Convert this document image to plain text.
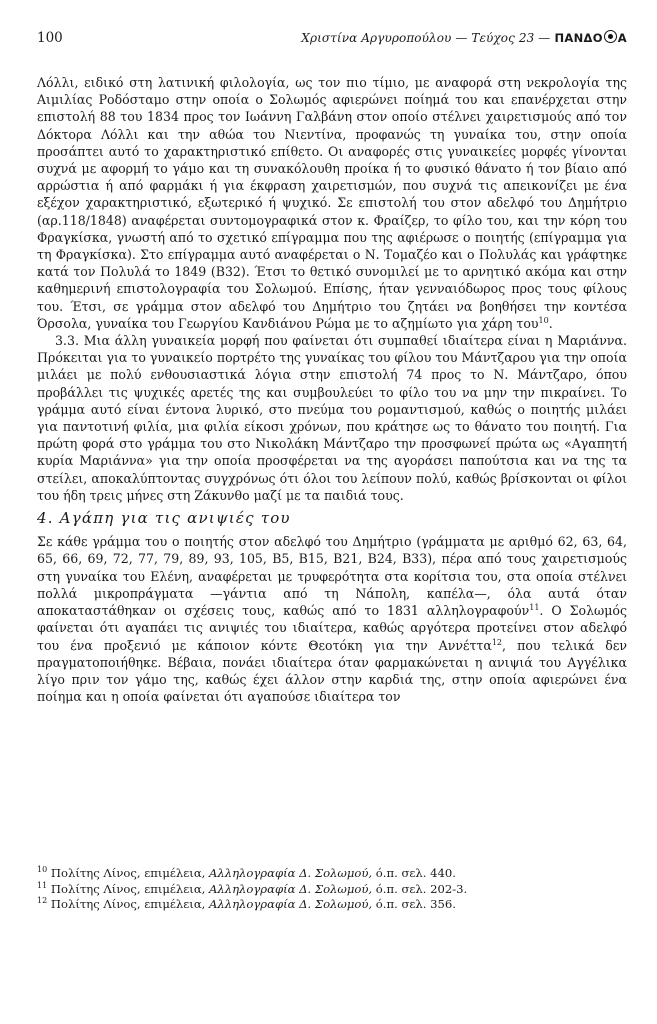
100	Χριστίνα Αργυροπούλου — Τεύχος 23 — ΠΑΝΔΟ Α

Λόλλι, ειδικό στη λατινική φιλολογία, ως τον πιο τίμιο, με αναφορά στη νεκρολογία της Αιμιλίας Ροδόσταμο στην οποία ο Σολωμός αφιερώνει ποίημά του και επανέρχεται στην επιστολή 88 του 1834 προς τον Ιωάννη Γαλβάνη στον οποίο στέλνει χαιρετισμούς από τον Δόκτορα Λόλλι και την αθώα του Νιεντίνα, προφανώς τη γυναίκα του, στην οποία προσάπτει αυτό το χαρακτηριστικό επίθετο. Οι αναφορές στις γυναικείες μορφές γίνονται συχνά με αφορμή το γάμο και τη συνακόλουθη προίκα ή το φυσικό θάνατο ή τον βίαιο από αρρώστια ή από φαρμάκι ή για έκφραση χαιρετισμών, που συχνά τις απεικονίζει με ένα εξέχον χαρακτηριστικό, εξωτερικό ή ψυχικό. Σε επιστολή του στον αδελφό του Δημήτριο (αρ.118/1848) αναφέρεται συντομογραφικά στον κ. Φραίζερ, το φίλο του, και την κόρη του Φραγκίσκα, γνωστή από το σχετικό επίγραμμα που της αφιέρωσε ο ποιητής (επίγραμμα για τη Φραγκίσκα). Στο επίγραμμα αυτό αναφέρεται ο Ν. Τομαζέο και ο Πολυλάς και γράφτηκε κατά τον Πολυλά το 1849 (Β32). Έτσι το θετικό συνομιλεί με το αρνητικό ακόμα και στην καθημερινή επιστολογραφία του Σολωμού. Επίσης, ήταν γενναιόδωρος προς τους φίλους του. Έτσι, σε γράμμα στον αδελφό του Δημήτριο του ζητάει να βοηθήσει την κοντέσα Όρσολα, γυναίκα του Γεωργίου Κανδιάνου Ρώμα με το αζημίωτο για χάρη του$^{10}$.

3.3. Μια άλλη γυναικεία μορφή που φαίνεται ότι συμπαθεί ιδιαίτερα είναι η Μαριάννα. Πρόκειται για το γυναικείο πορτρέτο της γυναίκας του φίλου του Μάντζαρου για την οποία μιλάει με πολύ ενθουσιαστικά λόγια στην επιστολή 74 προς το Ν. Μάντζαρο, όπου προβάλλει τις ψυχικές αρετές της και συμβουλεύει το φίλο του να μην την πικραίνει. Το γράμμα αυτό είναι έντονα λυρικό, στο πνεύμα του ρομαντισμού, καθώς ο ποιητής μιλάει για παντοτινή φιλία, μια φιλία είκοσι χρόνων, που κράτησε ως το θάνατο του ποιητή. Για πρώτη φορά στο γράμμα του στο Νικολάκη Μάντζαρο την προσφωνεί πρώτα ως «Αγαπητή κυρία Μαριάννα» για την οποία προσφέρεται να της αγοράσει παπούτσια και να της τα στείλει, αποκαλύπτοντας συγχρόνως ότι όλοι του λείπουν πολύ, καθώς βρίσκονται οι φίλοι του ήδη τρεις μήνες στη Ζάκυνθο μαζί με τα παιδιά τους.

4. Αγάπη για τις ανιψιές του

Σε κάθε γράμμα του ο ποιητής στον αδελφό του Δημήτριο (γράμματα με αριθμό 62, 63, 64, 65, 66, 69, 72, 77, 79, 89, 93, 105, Β5, Β15, Β21, Β24, Β33), πέρα από τους χαιρετισμούς στη γυναίκα του Ελένη, αναφέρεται με τρυφερότητα στα κορίτσια του, στα οποία στέλνει πολλά μικροπράγματα —γάντια από τη Νάπολη, καπέλα—, όλα αυτά όταν αποκαταστάθηκαν οι σχέσεις τους, καθώς από το 1831 αλληλογραφούν$^{11}$. Ο Σολωμός φαίνεται ότι αγαπάει τις ανιψιές του ιδιαίτερα, καθώς αργότερα προτείνει στον αδελφό του ένα προξενιό με κάποιον κόντε Θεοτόκη για την Αννέττα$^{12}$, που τελικά δεν πραγματοποιήθηκε. Βέβαια, πονάει ιδιαίτερα όταν φαρμακώνεται η ανιψιά του Αγγέλικα λίγο πριν τον γάμο της, καθώς έχει άλλον στην καρδιά της, στην οποία αφιερώνει ένα ποίημα και η οποία φαίνεται ότι αγαπούσε ιδιαίτερα τον

$^{10}$ Πολίτης Λίνος, επιμέλεια, Αλληλογραφία Δ. Σολωμού, ό.π. σελ. 440.
$^{11}$ Πολίτης Λίνος, επιμέλεια, Αλληλογραφία Δ. Σολωμού, ό.π. σελ. 202-3.
$^{12}$ Πολίτης Λίνος, επιμέλεια, Αλληλογραφία Δ. Σολωμού, ό.π. σελ. 356.
